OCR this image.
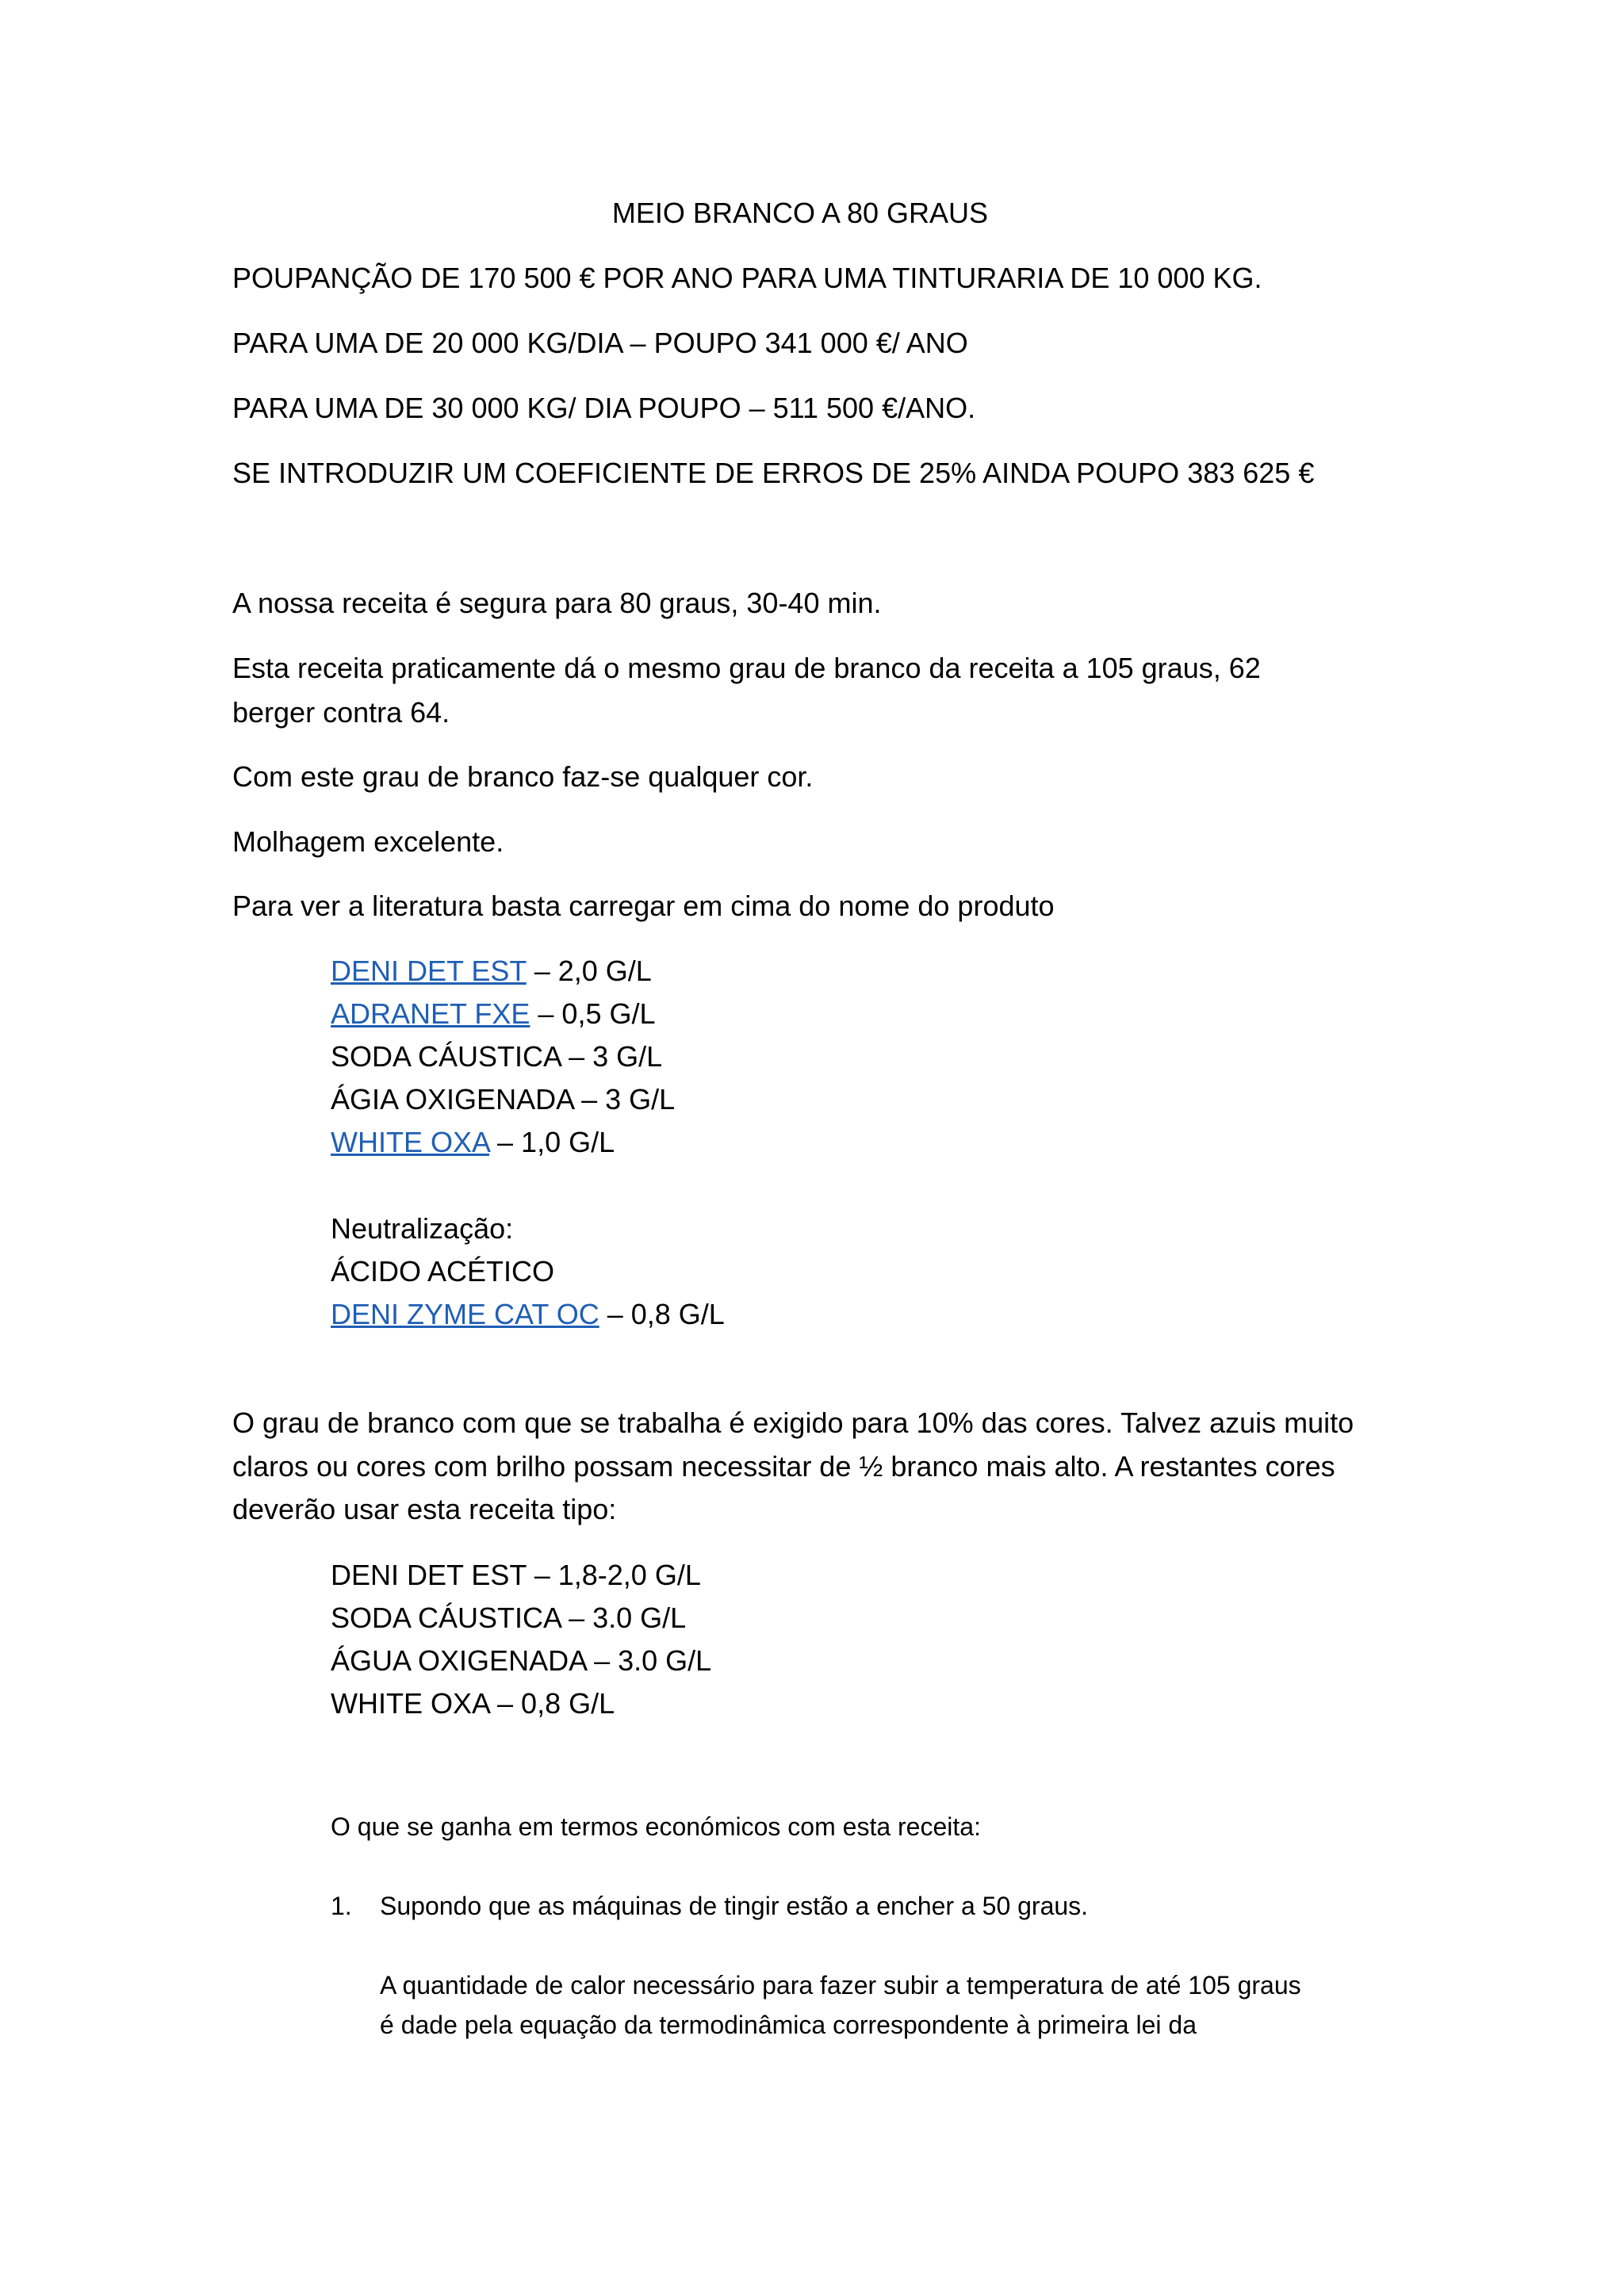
MEIO BRANCO A 80 GRAUS
POUPANÇÃO DE 170 500 € POR ANO PARA UMA TINTURARIA DE 10 000 KG.
PARA UMA DE 20 000 KG/DIA – POUPO 341 000 €/ ANO
PARA UMA DE 30 000 KG/ DIA POUPO – 511 500 €/ANO.
SE INTRODUZIR UM COEFICIENTE DE ERROS DE 25% AINDA POUPO 383 625 €
A nossa receita é segura para 80 graus, 30-40 min.
Esta receita praticamente dá o mesmo grau de branco da receita a 105 graus, 62
berger contra 64.
Com este grau de branco faz-se qualquer cor.
Molhagem excelente.
Para ver a literatura basta carregar em cima do nome do produto
DENI DET EST – 2,0 G/L
ADRANET FXE – 0,5 G/L
SODA CÁUSTICA – 3 G/L
ÁGIA OXIGENADA – 3 G/L
WHITE OXA – 1,0 G/L
Neutralização:
ÁCIDO ACÉTICO
DENI ZYME CAT OC – 0,8 G/L
O grau de branco com que se trabalha é exigido para 10% das cores. Talvez azuis muito
claros ou cores com brilho possam necessitar de ½ branco mais alto. A restantes cores
deverão usar esta receita tipo:
DENI DET EST – 1,8-2,0 G/L
SODA CÁUSTICA – 3.0 G/L
ÁGUA OXIGENADA – 3.0 G/L
WHITE OXA – 0,8 G/L
O que se ganha em termos económicos com esta receita:
1. Supondo que as máquinas de tingir estão a encher a 50 graus.
A quantidade de calor necessário para fazer subir a temperatura de até 105 graus
é dade pela equação da termodinâmica correspondente à primeira lei da
